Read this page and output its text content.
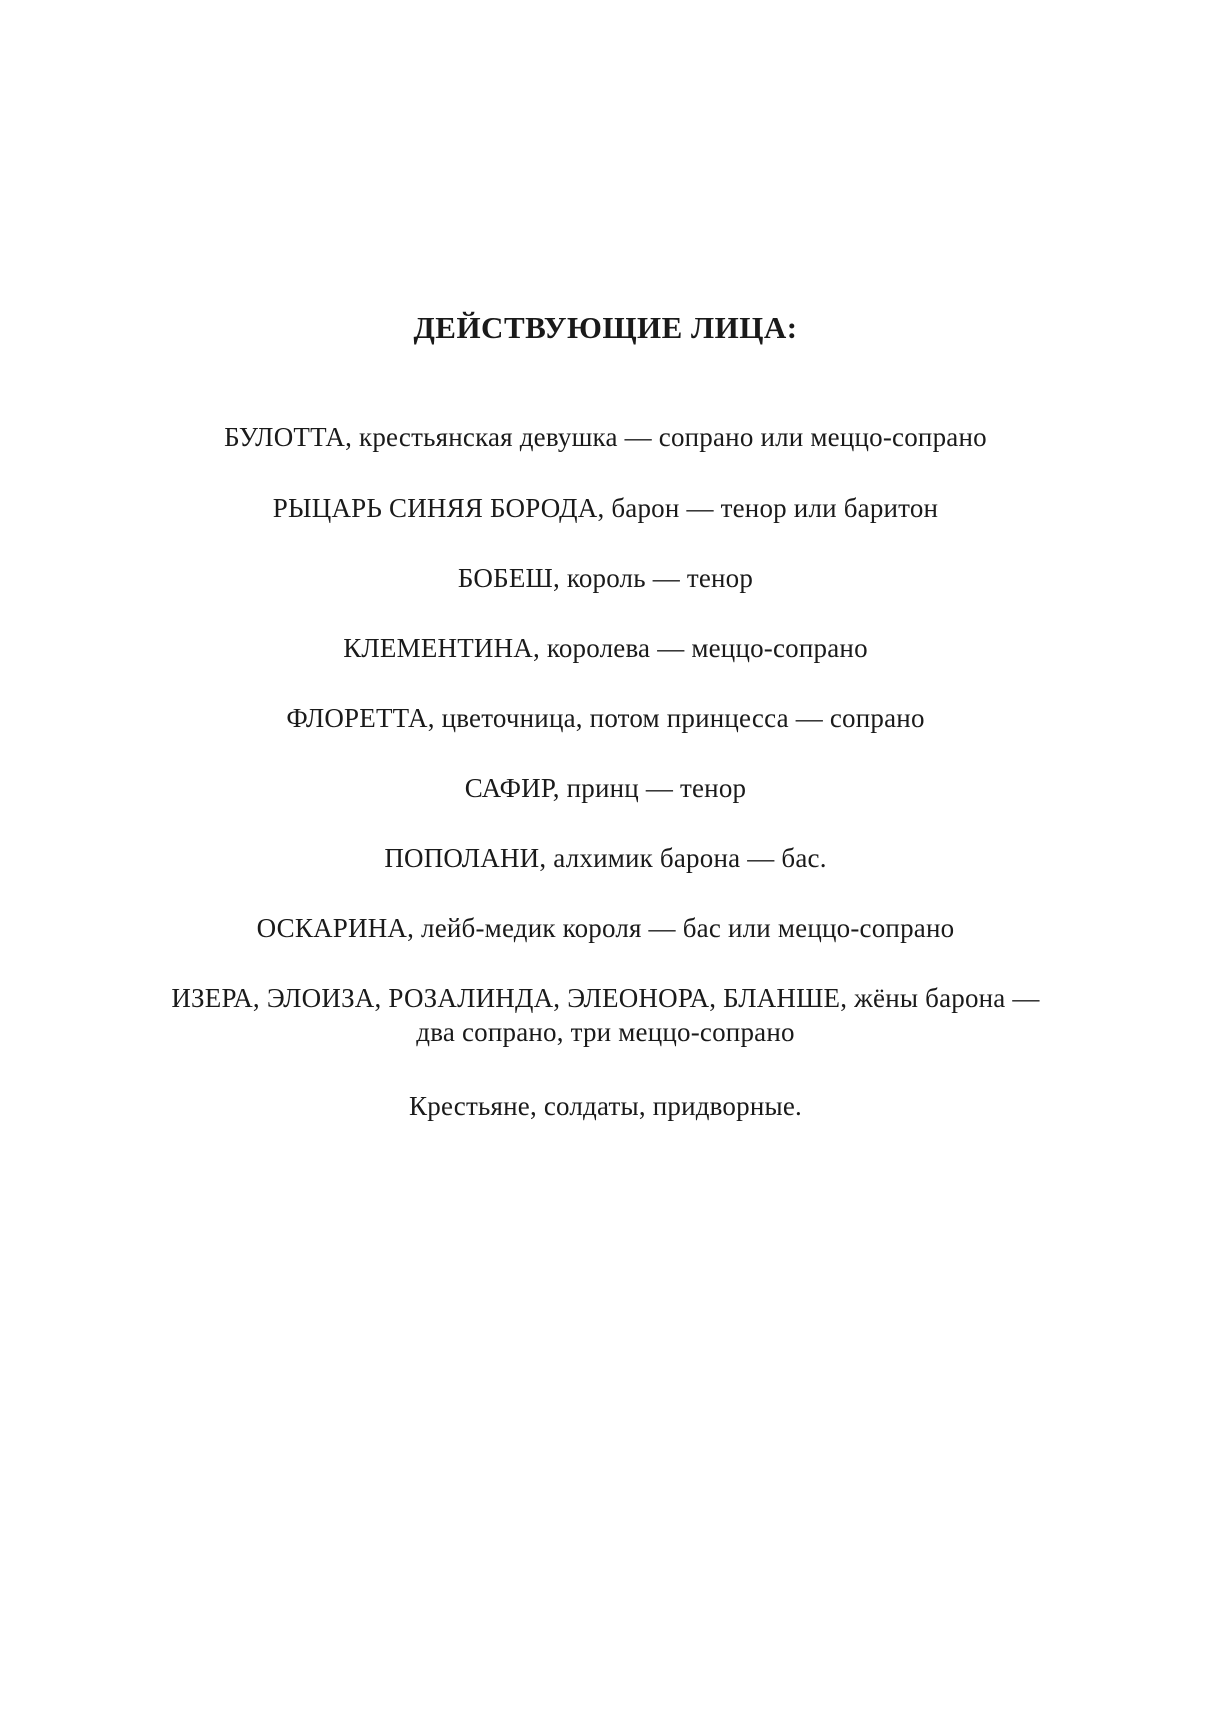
ДЕЙСТВУЮЩИЕ ЛИЦА:
БУЛОТТА, крестьянская девушка — сопрано или меццо-сопрано
РЫЦАРЬ СИНЯЯ БОРОДА, барон — тенор или баритон
БОБЕШ, король — тенор
КЛЕМЕНТИНА, королева — меццо-сопрано
ФЛОРЕТТА, цветочница, потом принцесса — сопрано
САФИР, принц — тенор
ПОПОЛАНИ, алхимик барона — бас.
ОСКАРИНА, лейб-медик короля — бас или меццо-сопрано
ИЗЕРА, ЭЛОИЗА, РОЗАЛИНДА, ЭЛЕОНОРА, БЛАНШЕ, жёны барона — два сопрано, три меццо-сопрано
Крестьяне, солдаты, придворные.
